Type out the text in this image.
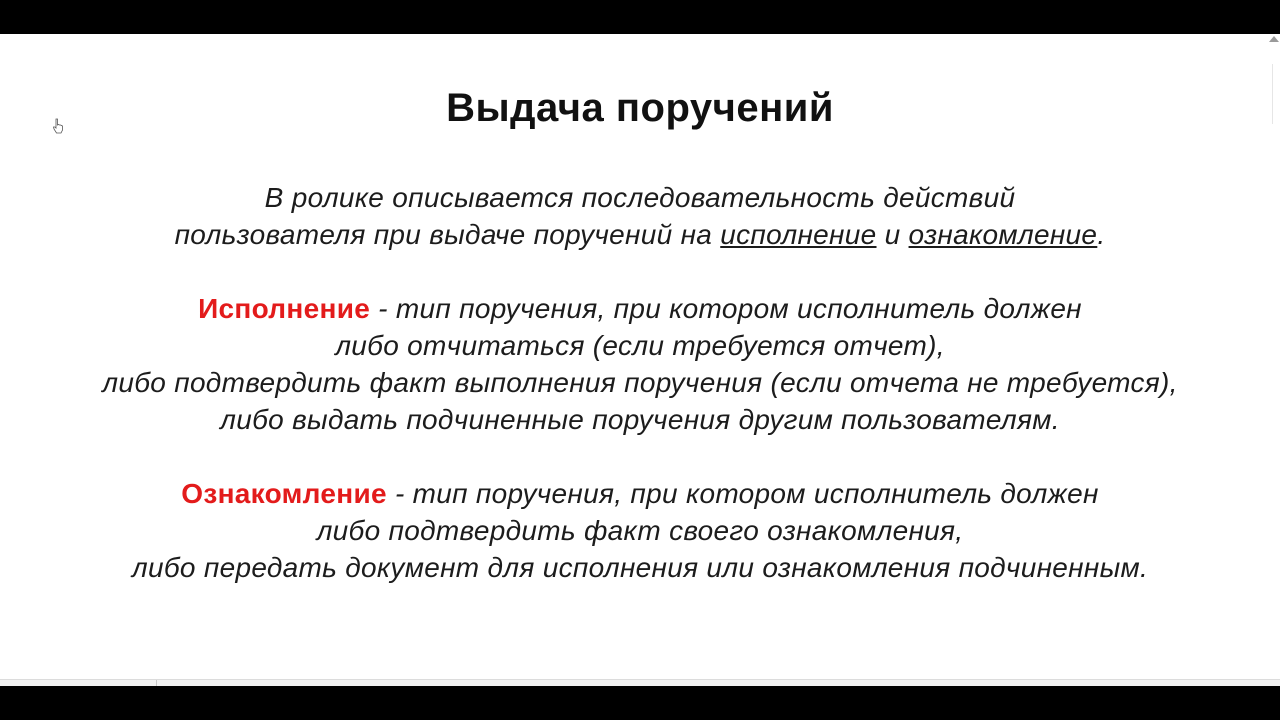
Выдача поручений
В ролике описывается последовательность действий
пользователя при выдаче поручений на исполнение и ознакомление.
Исполнение - тип поручения, при котором исполнитель должен
либо отчитаться (если требуется отчет),
либо подтвердить факт выполнения поручения (если отчета не требуется),
либо выдать подчиненные поручения другим пользователям.
Ознакомление - тип поручения, при котором исполнитель должен
либо подтвердить факт своего ознакомления,
либо передать документ для исполнения или ознакомления подчиненным.
